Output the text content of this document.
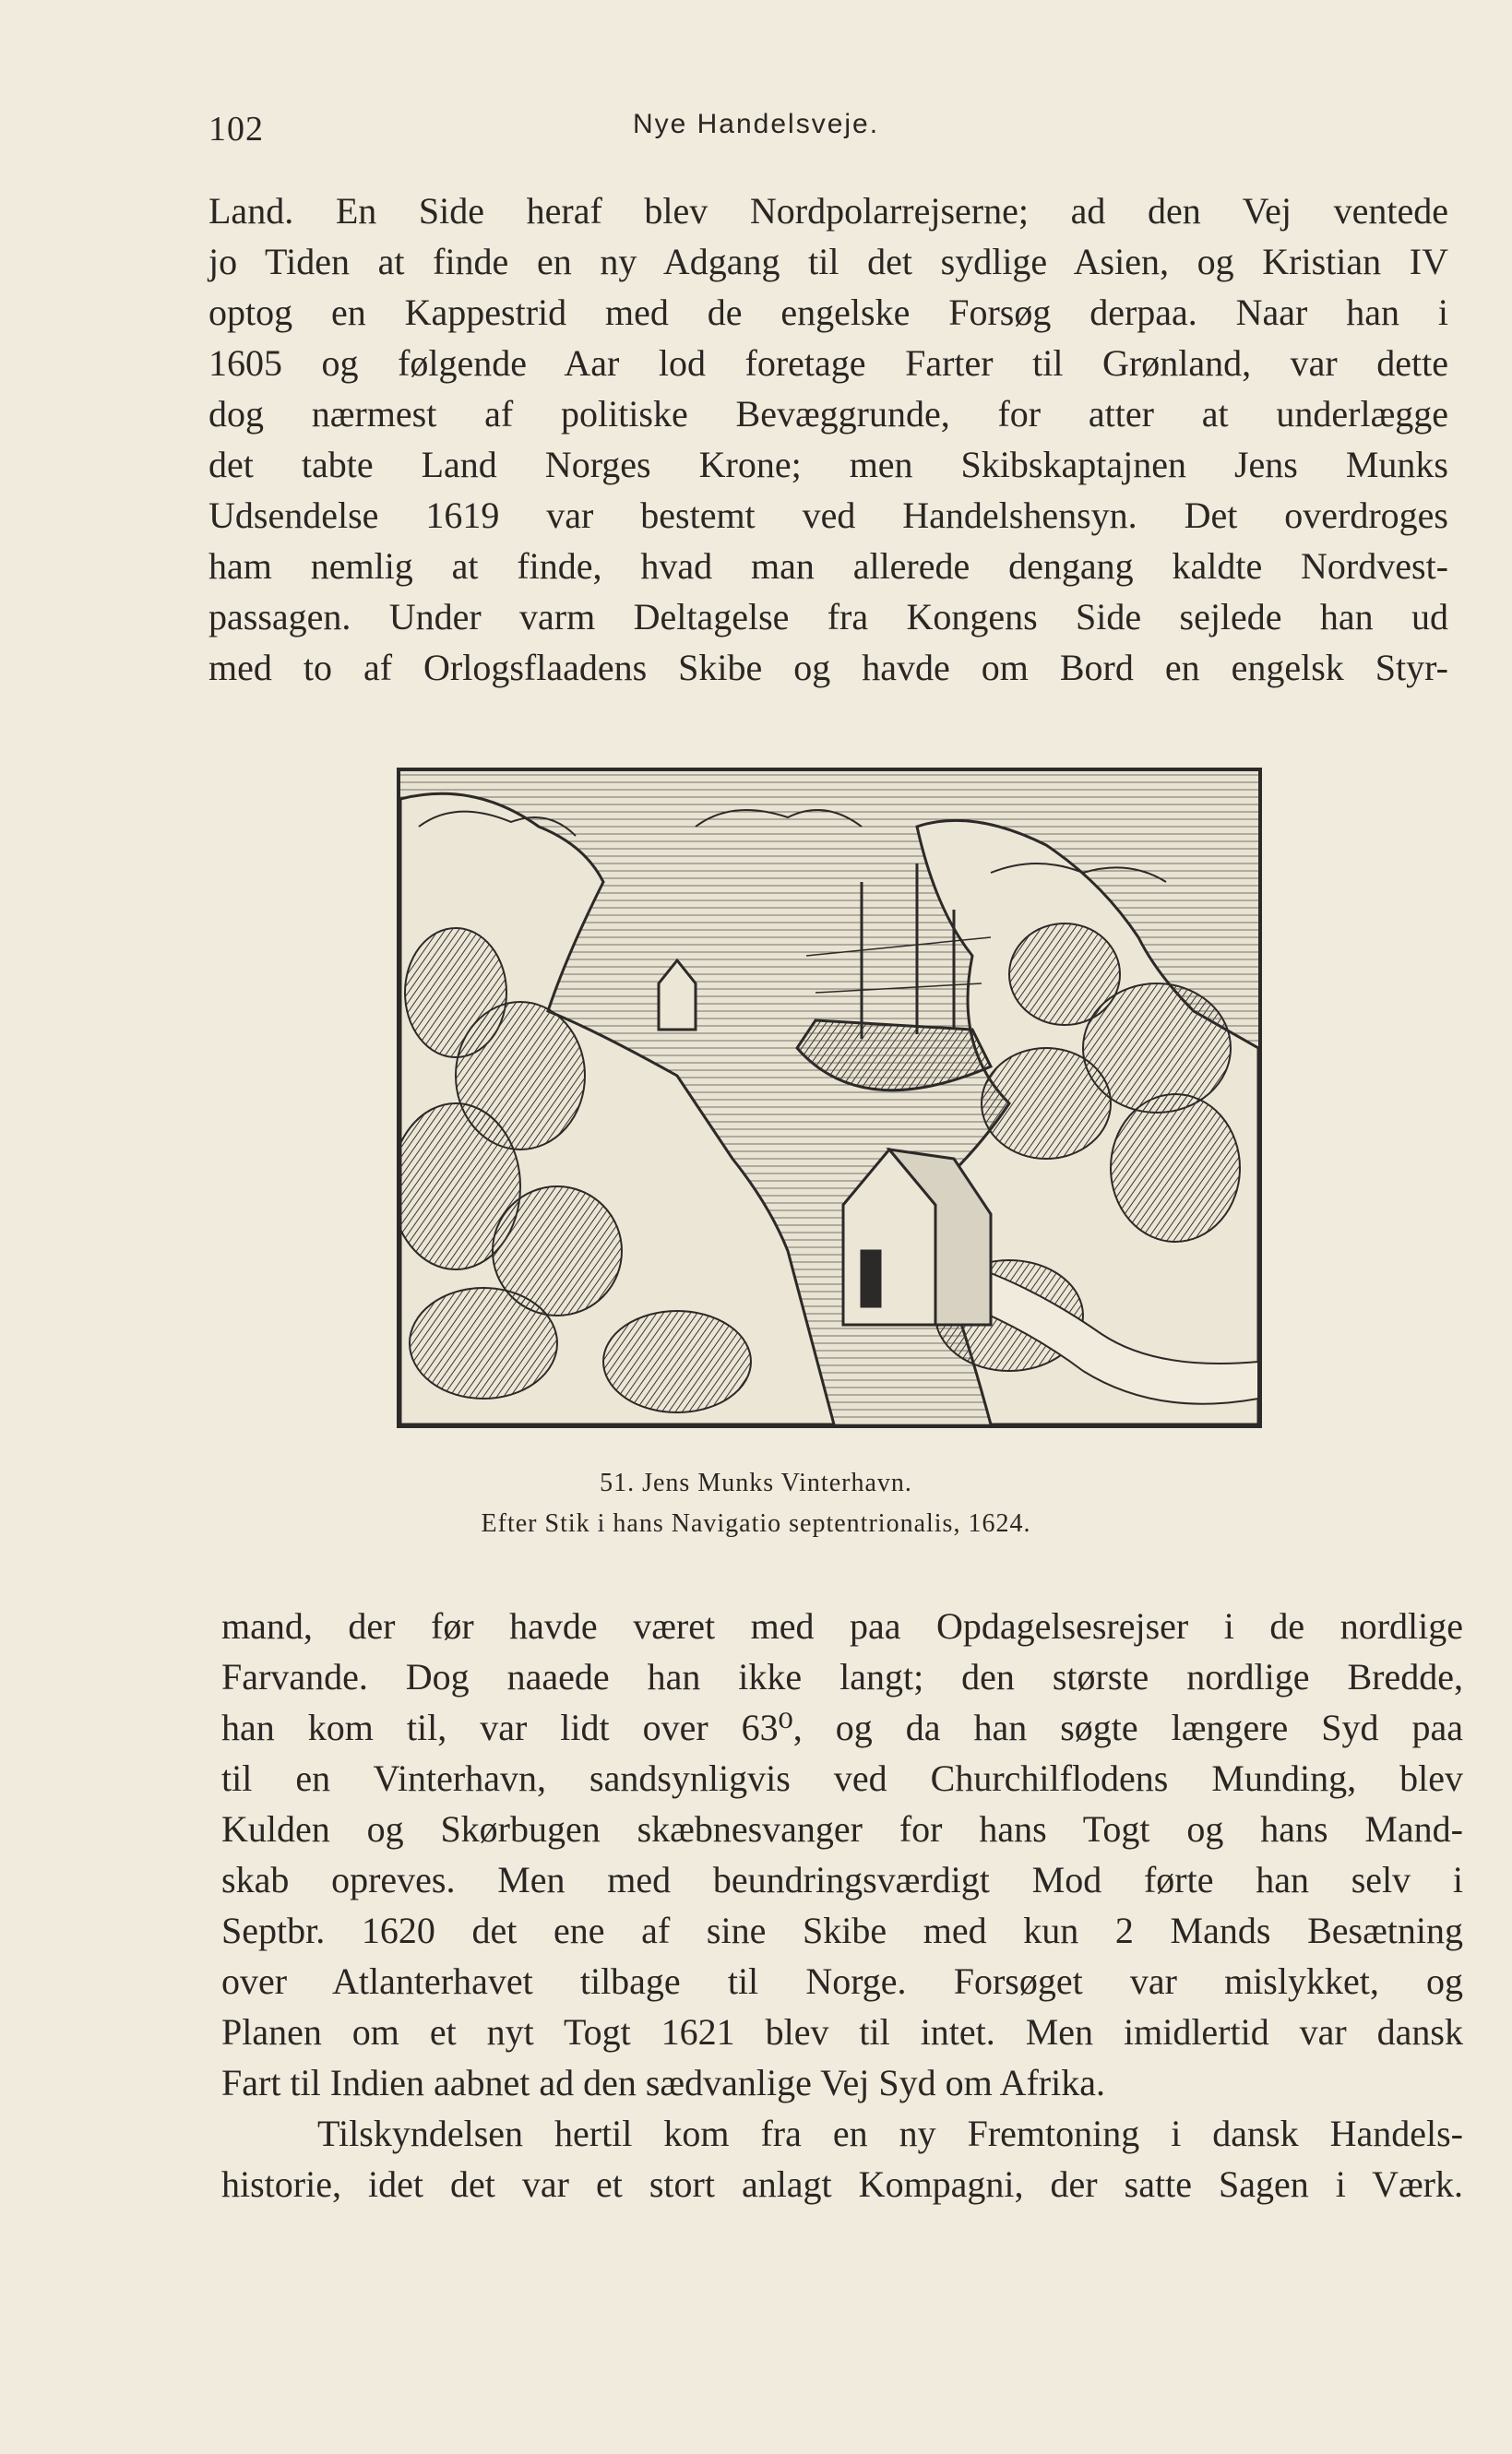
102	Nye Handelsveje.
Land. En Side heraf blev Nordpolarrejserne; ad den Vej ventede
jo Tiden at finde en ny Adgang til det sydlige Asien, og Kristian IV
optog en Kappestrid med de engelske Forsøg derpaa. Naar han i
1605 og følgende Aar lod foretage Farter til Grønland, var dette
dog nærmest af politiske Bevæggrunde, for atter at underlægge
det tabte Land Norges Krone; men Skibskaptajnen Jens Munks
Udsendelse 1619 var bestemt ved Handelshensyn. Det overdroges
ham nemlig at finde, hvad man allerede dengang kaldte Nordvest-
passagen. Under varm Deltagelse fra Kongens Side sejlede han ud
med to af Orlogsflaadens Skibe og havde om Bord en engelsk Styr-
51. Jens Munks Vinterhavn.
Efter Stik i hans Navigatio septentrionalis, 1624.
mand, der før havde været med paa Opdagelsesrejser i de nordlige
Farvande. Dog naaede han ikke langt; den største nordlige Bredde,
han kom til, var lidt over 63⁰, og da han søgte længere Syd paa
til en Vinterhavn, sandsynligvis ved Churchilflodens Munding, blev
Kulden og Skørbugen skæbnesvanger for hans Togt og hans Mand-
skab opreves. Men med beundringsværdigt Mod førte han selv i
Septbr. 1620 det ene af sine Skibe med kun 2 Mands Besætning
over Atlanterhavet tilbage til Norge. Forsøget var mislykket, og
Planen om et nyt Togt 1621 blev til intet. Men imidlertid var dansk
Fart til Indien aabnet ad den sædvanlige Vej Syd om Afrika.
Tilskyndelsen hertil kom fra en ny Fremtoning i dansk Handels-
historie, idet det var et stort anlagt Kompagni, der satte Sagen i Værk.
